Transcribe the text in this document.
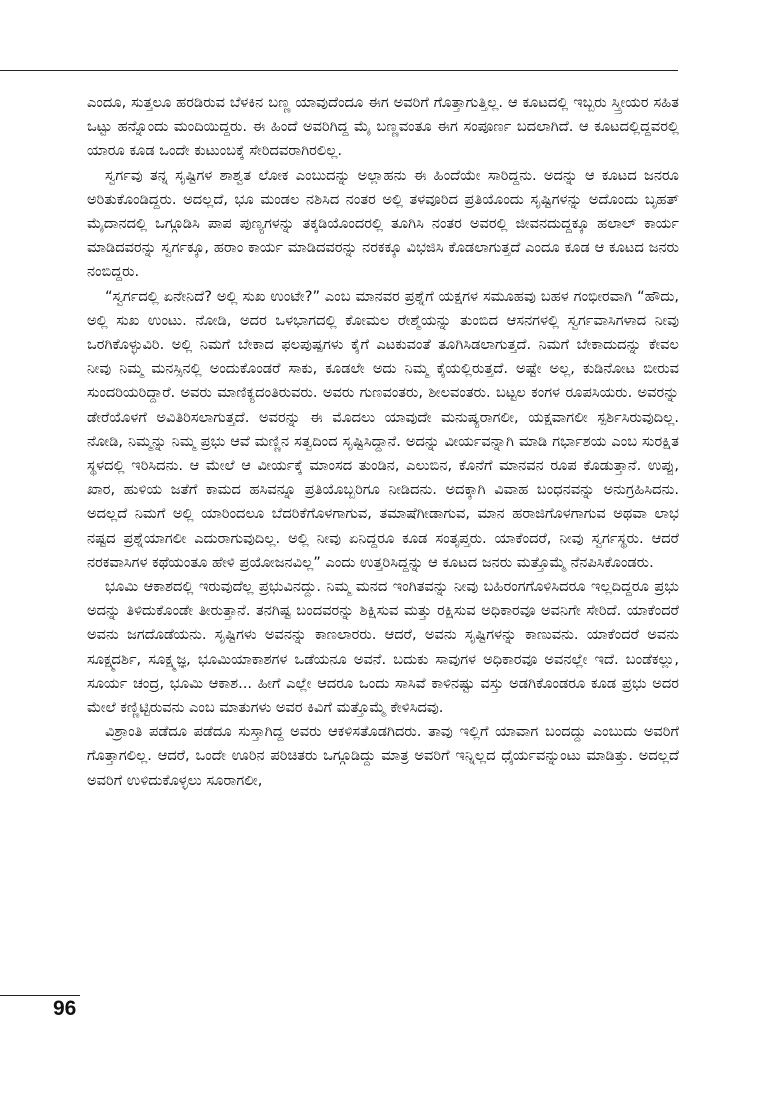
ಎಂದೂ, ಸುತ್ತಲೂ ಹರಡಿರುವ ಬೆಳಕಿನ ಬಣ್ಣ ಯಾವುದೆಂದೂ ಈಗ ಅವರಿಗೆ ಗೊತ್ತಾಗುತ್ತಿಲ್ಲ. ಆ ಕೂಟದಲ್ಲಿ ಇಬ್ಬರು ಸ್ತ್ರೀಯರ ಸಹಿತ ಒಟ್ಟು ಹನ್ನೊಂದು ಮಂದಿಯಿದ್ದರು. ಈ ಹಿಂದೆ ಅವರಿಗಿದ್ದ ಮೈ ಬಣ್ಣವಂತೂ ಈಗ ಸಂಪೂರ್ಣ ಬದಲಾಗಿದೆ. ಆ ಕೂಟದಲ್ಲಿದ್ದವರಲ್ಲಿ ಯಾರೂ ಕೂಡ ಒಂದೇ ಕುಟುಂಬಕ್ಕೆ ಸೇರಿದವರಾಗಿರಲಿಲ್ಲ.

ಸ್ವರ್ಗವು ತನ್ನ ಸೃಷ್ಟಿಗಳ ಶಾಶ್ವತ ಲೋಕ ಎಂಬುದನ್ನು ಅಲ್ಲಾಹನು ಈ ಹಿಂದೆಯೇ ಸಾರಿದ್ದನು. ಅದನ್ನು ಆ ಕೂಟದ ಜನರೂ ಅರಿತುಕೊಂಡಿದ್ದರು. ಅದಲ್ಲದೆ, ಭೂ ಮಂಡಲ ನಶಿಸಿದ ನಂತರ ಅಲ್ಲಿ ತಳವೂರಿದ ಪ್ರತಿಯೊಂದು ಸೃಷ್ಟಿಗಳನ್ನು ಅದೊಂದು ಬೃಹತ್ ಮೈದಾನದಲ್ಲಿ ಒಗ್ಗೂಡಿಸಿ ಪಾಪ ಪುಣ್ಯಗಳನ್ನು ತಕ್ಕಡಿಯೊಂದರಲ್ಲಿ ತೂಗಿಸಿ ನಂತರ ಅವರಲ್ಲಿ ಜೀವನದುದ್ದಕ್ಕೂ ಹಲಾಲ್ ಕಾರ್ಯ ಮಾಡಿದವರನ್ನು ಸ್ವರ್ಗಕ್ಕೂ, ಹರಾಂ ಕಾರ್ಯ ಮಾಡಿದವರನ್ನು ನರಕಕ್ಕೂ ವಿಭಜಿಸಿ ಕೊಡಲಾಗುತ್ತದೆ ಎಂದೂ ಕೂಡ ಆ ಕೂಟದ ಜನರು ನಂಬಿದ್ದರು.

“ಸ್ವರ್ಗದಲ್ಲಿ ಏನೇನಿದೆ? ಅಲ್ಲಿ ಸುಖ ಉಂಟೇ?” ಎಂಬ ಮಾನವರ ಪ್ರಶ್ನೆಗೆ ಯಕ್ಷಗಳ ಸಮೂಹವು ಬಹಳ ಗಂಭೀರವಾಗಿ “ಹೌದು, ಅಲ್ಲಿ ಸುಖ ಉಂಟು. ನೋಡಿ, ಅದರ ಒಳಭಾಗದಲ್ಲಿ ಕೋಮಲ ರೇಶ್ಮೆಯನ್ನು ತುಂಬಿದ ಆಸನಗಳಲ್ಲಿ ಸ್ವರ್ಗವಾಸಿಗಳಾದ ನೀವು ಒರಗಿಕೊಳ್ಳುವಿರಿ. ಅಲ್ಲಿ ನಿಮಗೆ ಬೇಕಾದ ಫಲಪುಷ್ಪಗಳು ಕೈಗೆ ಎಟಕುವಂತೆ ತೂಗಿಸಿಡಲಾಗುತ್ತದೆ. ನಿಮಗೆ ಬೇಕಾದುದನ್ನು ಕೇವಲ ನೀವು ನಿಮ್ಮ ಮನಸ್ಸಿನಲ್ಲಿ ಅಂದುಕೊಂಡರೆ ಸಾಕು, ಕೂಡಲೇ ಅದು ನಿಮ್ಮ ಕೈಯಲ್ಲಿರುತ್ತದೆ. ಅಷ್ಟೇ ಅಲ್ಲ, ಕುಡಿನೋಟ ಬೀರುವ ಸುಂದರಿಯರಿದ್ದಾರೆ. ಅವರು ಮಾಣಿಕ್ಯದಂತಿರುವರು. ಅವರು ಗುಣವಂತರು, ಶೀಲವಂತರು. ಬಟ್ಟಲ ಕಂಗಳ ರೂಪಸಿಯರು. ಅವರನ್ನು ಡೇರೆಯೊಳಗೆ ಅವಿತಿರಿಸಲಾಗುತ್ತದೆ. ಅವರನ್ನು ಈ ಮೊದಲು ಯಾವುದೇ ಮನುಷ್ಯರಾಗಲೀ, ಯಕ್ಷವಾಗಲೀ ಸ್ಪರ್ಶಿಸಿರುವುದಿಲ್ಲ. ನೋಡಿ, ನಿಮ್ಮನ್ನು ನಿಮ್ಮ ಪ್ರಭು ಆವೆ ಮಣ್ಣಿನ ಸತ್ವದಿಂದ ಸೃಷ್ಟಿಸಿದ್ದಾನೆ. ಅದನ್ನು ವೀರ್ಯವನ್ನಾಗಿ ಮಾಡಿ ಗರ್ಭಾಶಯ ಎಂಬ ಸುರಕ್ಷಿತ ಸ್ಥಳದಲ್ಲಿ ಇರಿಸಿದನು. ಆ ಮೇಲೆ ಆ ವೀರ್ಯಕ್ಕೆ ಮಾಂಸದ ತುಂಡಿನ, ಎಲುಬಿನ, ಕೊನೆಗೆ ಮಾನವನ ರೂಪ ಕೊಡುತ್ತಾನೆ. ಉಪ್ಪು, ಖಾರ, ಹುಳಿಯ ಜತೆಗೆ ಕಾಮದ ಹಸಿವನ್ನೂ ಪ್ರತಿಯೊಬ್ಬರಿಗೂ ನೀಡಿದನು. ಅದಕ್ಕಾಗಿ ವಿವಾಹ ಬಂಧನವನ್ನು ಅನುಗ್ರಹಿಸಿದನು. ಅದಲ್ಲದೆ ನಿಮಗೆ ಅಲ್ಲಿ ಯಾರಿಂದಲೂ ಬೆದರಿಕೆಗೊಳಗಾಗುವ, ತಮಾಷೆಗೀಡಾಗುವ, ಮಾನ ಹರಾಜಿಗೊಳಗಾಗುವ ಅಥವಾ ಲಾಭ ನಷ್ಟದ ಪ್ರಶ್ನೆಯಾಗಲೀ ಎದುರಾಗುವುದಿಲ್ಲ. ಅಲ್ಲಿ ನೀವು ಏನಿದ್ದರೂ ಕೂಡ ಸಂತೃಪ್ತರು. ಯಾಕೆಂದರೆ, ನೀವು ಸ್ವರ್ಗಸ್ಥರು. ಆದರೆ ನರಕವಾಸಿಗಳ ಕಥೆಯಂತೂ ಹೇಳಿ ಪ್ರಯೋಜನವಿಲ್ಲ” ಎಂದು ಉತ್ತರಿಸಿದ್ದನ್ನು ಆ ಕೂಟದ ಜನರು ಮತ್ತೊಮ್ಮೆ ನೆನಪಿಸಿಕೊಂಡರು.

ಭೂಮಿ ಆಕಾಶದಲ್ಲಿ ಇರುವುದೆಲ್ಲ ಪ್ರಭುವಿನದ್ದು. ನಿಮ್ಮ ಮನದ ಇಂಗಿತವನ್ನು ನೀವು ಬಹಿರಂಗಗೊಳಿಸಿದರೂ ಇಲ್ಲದಿದ್ದರೂ ಪ್ರಭು ಅದನ್ನು ತಿಳಿದುಕೊಂಡೇ ತೀರುತ್ತಾನೆ. ತನಗಿಷ್ಟ ಬಂದವರನ್ನು ಶಿಕ್ಷಿಸುವ ಮತ್ತು ರಕ್ಷಿಸುವ ಅಧಿಕಾರವೂ ಅವನಿಗೇ ಸೇರಿದೆ. ಯಾಕೆಂದರೆ ಅವನು ಜಗದೊಡೆಯನು. ಸೃಷ್ಟಿಗಳು ಅವನನ್ನು ಕಾಣಲಾರರು. ಆದರೆ, ಅವನು ಸೃಷ್ಟಿಗಳನ್ನು ಕಾಣುವನು. ಯಾಕೆಂದರೆ ಅವನು ಸೂಕ್ಷ್ಮದರ್ಶಿ, ಸೂಕ್ಷ್ಮಜ್ಞ, ಭೂಮಿಯಾಕಾಶಗಳ ಒಡೆಯನೂ ಅವನೆ. ಬದುಕು ಸಾವುಗಳ ಅಧಿಕಾರವೂ ಅವನಲ್ಲೇ ಇದೆ. ಬಂಡೆಕಲ್ಲು, ಸೂರ್ಯ ಚಂದ್ರ, ಭೂಮಿ ಆಕಾಶ... ಹೀಗೆ ಎಲ್ಲೇ ಆದರೂ ಒಂದು ಸಾಸಿವೆ ಕಾಳಿನಷ್ಟು ವಸ್ತು ಅಡಗಿಕೊಂಡರೂ ಕೂಡ ಪ್ರಭು ಅದರ ಮೇಲೆ ಕಣ್ಣಿಟ್ಟಿರುವನು ಎಂಬ ಮಾತುಗಳು ಅವರ ಕಿವಿಗೆ ಮತ್ತೊಮ್ಮೆ ಕೇಳಿಸಿದವು.

ವಿಶ್ರಾಂತಿ ಪಡೆದೂ ಪಡೆದೂ ಸುಸ್ತಾಗಿದ್ದ ಅವರು ಆಕಳಿಸತೊಡಗಿದರು. ತಾವು ಇಲ್ಲಿಗೆ ಯಾವಾಗ ಬಂದದ್ದು ಎಂಬುದು ಅವರಿಗೆ ಗೊತ್ತಾಗಲಿಲ್ಲ. ಆದರೆ, ಒಂದೇ ಊರಿನ ಪರಿಚಿತರು ಒಗ್ಗೂಡಿದ್ದು ಮಾತ್ರ ಅವರಿಗೆ ಇನ್ನಿಲ್ಲದ ಧೈರ್ಯವನ್ನುಂಟು ಮಾಡಿತ್ತು. ಅದಲ್ಲದೆ ಅವರಿಗೆ ಉಳಿದುಕೊಳ್ಳಲು ಸೂರಾಗಲೀ,

96
